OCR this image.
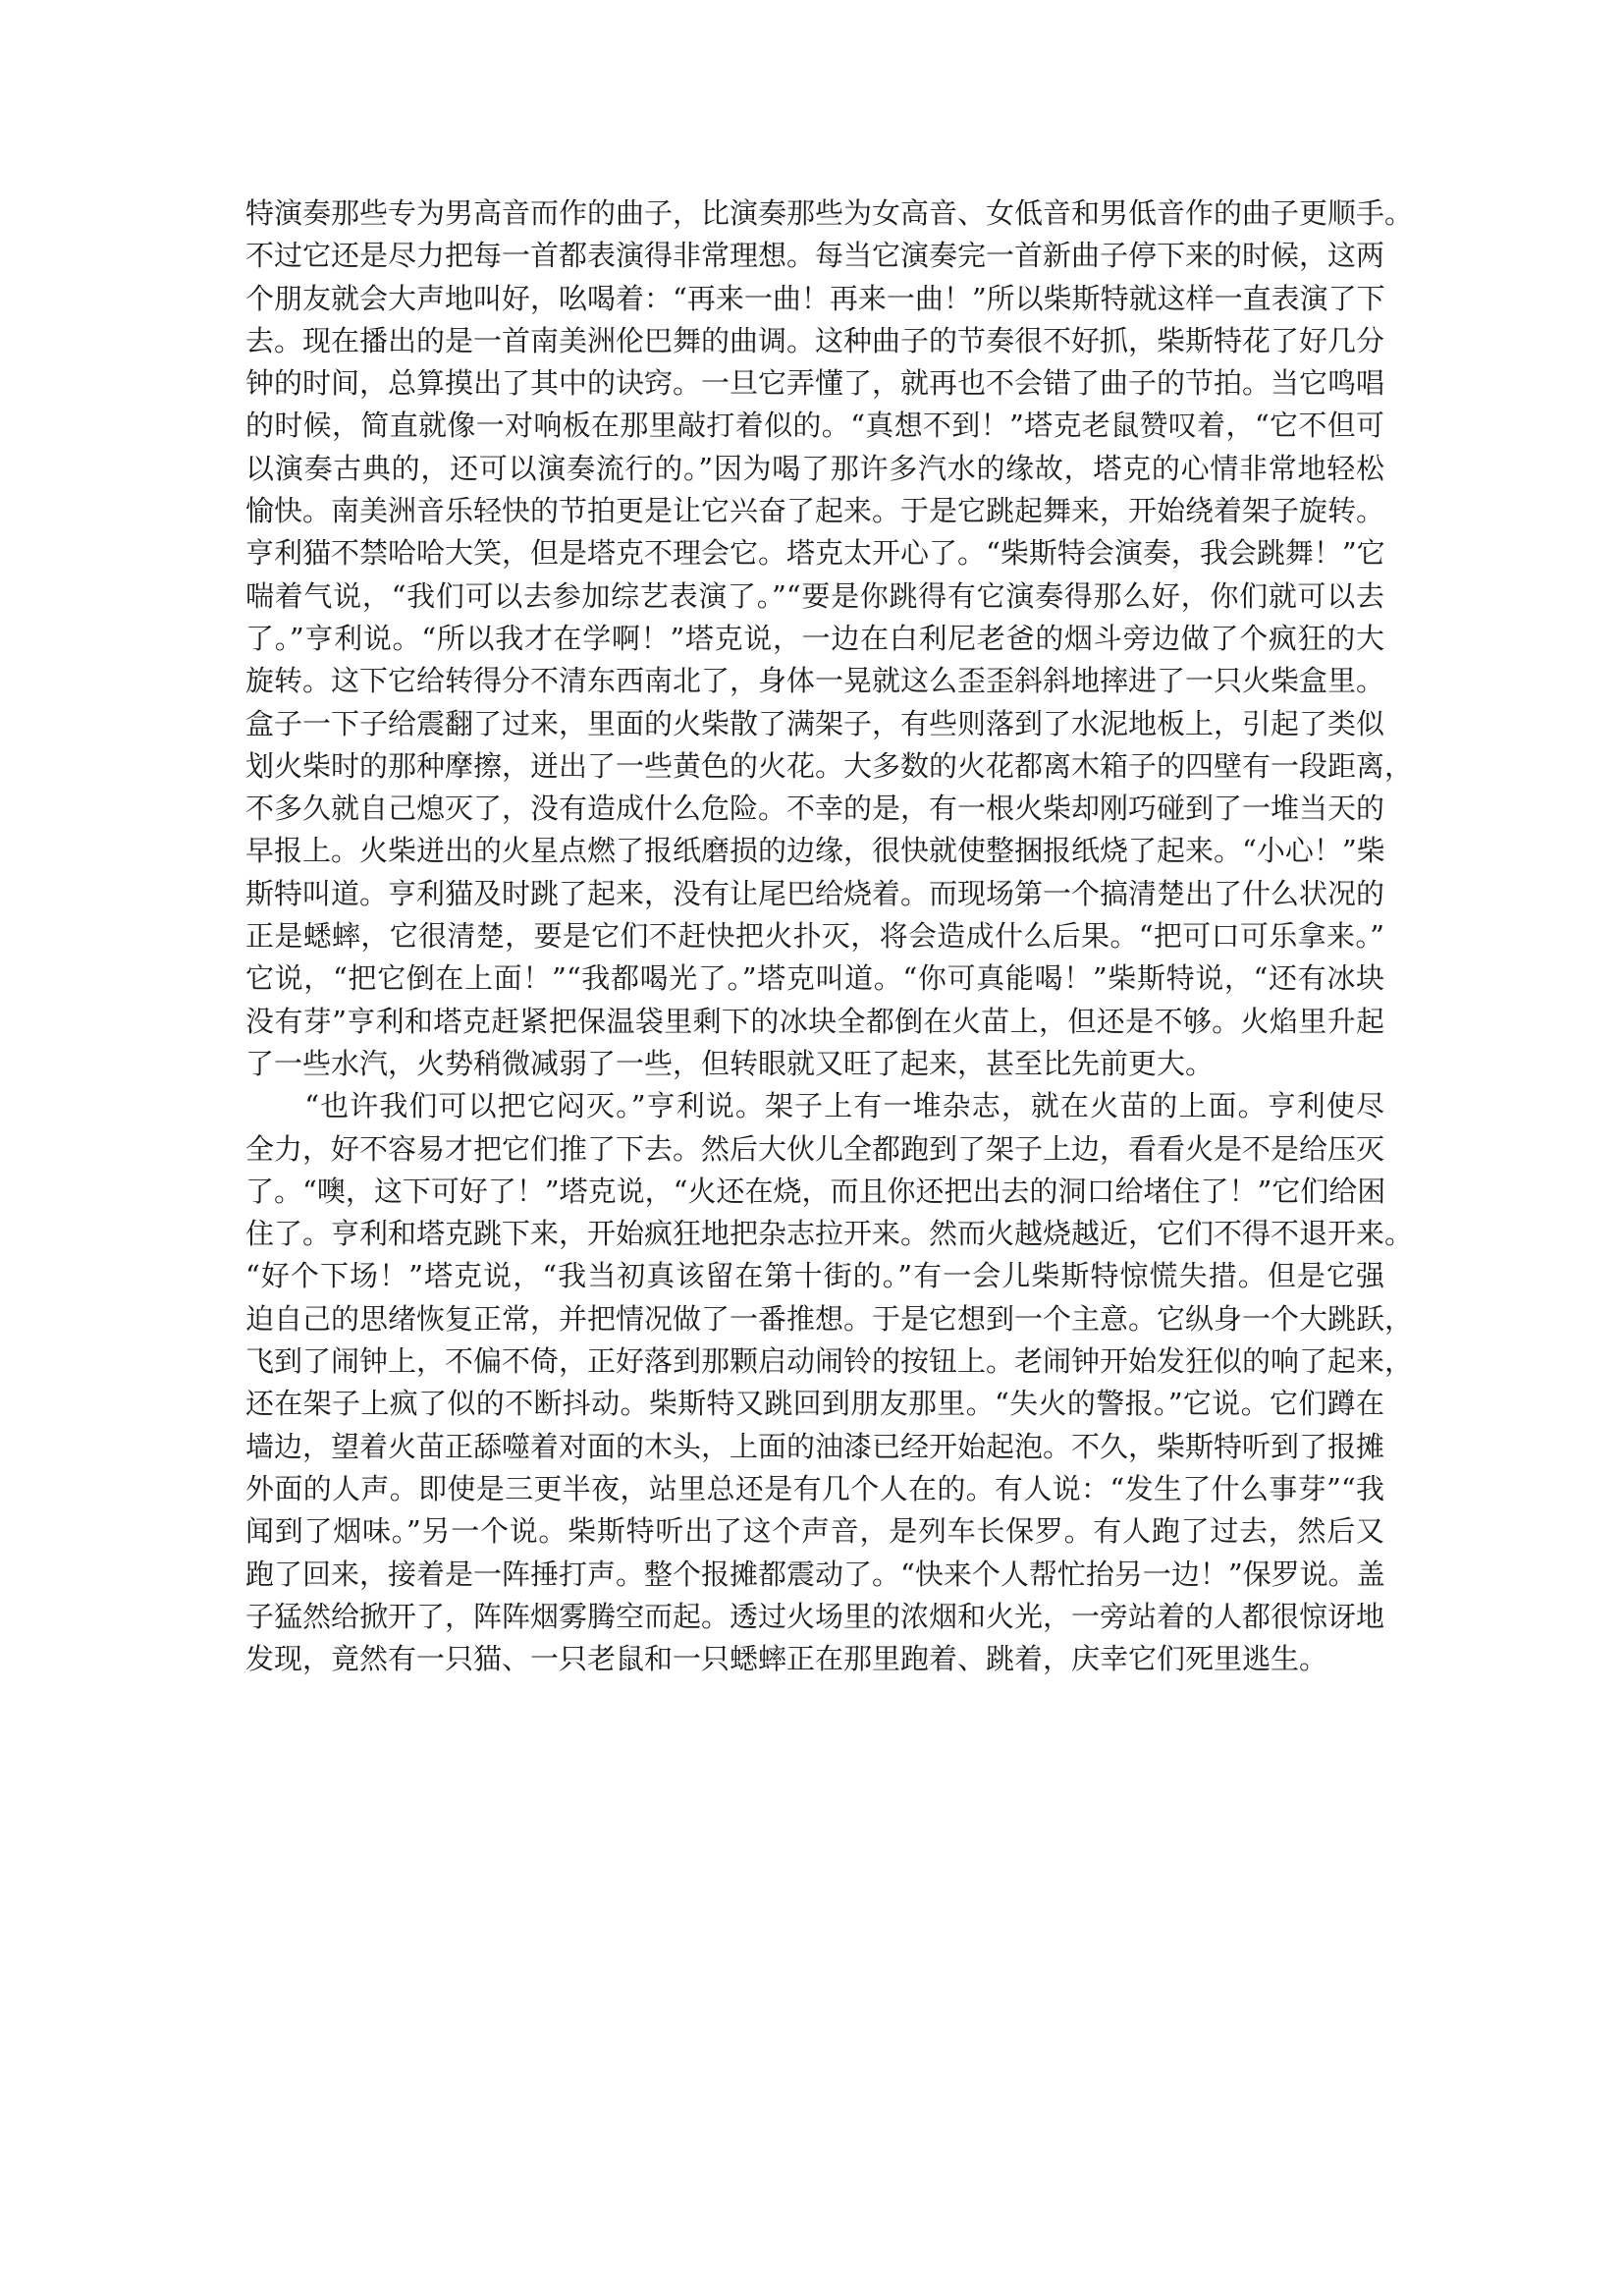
特演奏那些专为男高音而作的曲子，比演奏那些为女高音、女低音和男低音作的曲子更顺手。
不过它还是尽力把每一首都表演得非常理想。每当它演奏完一首新曲子停下来的时候，这两
个朋友就会大声地叫好，吆喝着：“再来一曲！再来一曲！”所以柴斯特就这样一直表演了下
去。现在播出的是一首南美洲伦巴舞的曲调。这种曲子的节奏很不好抓，柴斯特花了好几分
钟的时间，总算摸出了其中的诀窍。一旦它弄懂了，就再也不会错了曲子的节拍。当它鸣唱
的时候，简直就像一对响板在那里敲打着似的。“真想不到！”塔克老鼠赞叹着，“它不但可
以演奏古典的，还可以演奏流行的。”因为喝了那许多汽水的缘故，塔克的心情非常地轻松
愉快。南美洲音乐轻快的节拍更是让它兴奋了起来。于是它跳起舞来，开始绕着架子旋转。
亨利猫不禁哈哈大笑，但是塔克不理会它。塔克太开心了。“柴斯特会演奏，我会跳舞！”它
喘着气说，“我们可以去参加综艺表演了。”“要是你跳得有它演奏得那么好，你们就可以去
了。”亨利说。“所以我才在学啊！”塔克说，一边在白利尼老爸的烟斗旁边做了个疯狂的大
旋转。这下它给转得分不清东西南北了，身体一晃就这么歪歪斜斜地摔进了一只火柴盒里。
盒子一下子给震翻了过来，里面的火柴散了满架子，有些则落到了水泥地板上，引起了类似
划火柴时的那种摩擦，迸出了一些黄色的火花。大多数的火花都离木箱子的四壁有一段距离，
不多久就自己熄灭了，没有造成什么危险。不幸的是，有一根火柴却刚巧碰到了一堆当天的
早报上。火柴迸出的火星点燃了报纸磨损的边缘，很快就使整捆报纸烧了起来。“小心！”柴
斯特叫道。亨利猫及时跳了起来，没有让尾巴给烧着。而现场第一个搞清楚出了什么状况的
正是蟋蟀，它很清楚，要是它们不赶快把火扑灭，将会造成什么后果。“把可口可乐拿来。”
它说，“把它倒在上面！”“我都喝光了。”塔克叫道。“你可真能喝！”柴斯特说，“还有冰块
没有芽”亨利和塔克赶紧把保温袋里剩下的冰块全都倒在火苗上，但还是不够。火焰里升起
了一些水汽，火势稍微减弱了一些，但转眼就又旺了起来，甚至比先前更大。
　　“也许我们可以把它闷灭。”亨利说。架子上有一堆杂志，就在火苗的上面。亨利使尽
全力，好不容易才把它们推了下去。然后大伙儿全都跑到了架子上边，看看火是不是给压灭
了。“噢，这下可好了！”塔克说，“火还在烧，而且你还把出去的洞口给堵住了！”它们给困
住了。亨利和塔克跳下来，开始疯狂地把杂志拉开来。然而火越烧越近，它们不得不退开来。
“好个下场！”塔克说，“我当初真该留在第十街的。”有一会儿柴斯特惊慌失措。但是它强
迫自己的思绪恢复正常，并把情况做了一番推想。于是它想到一个主意。它纵身一个大跳跃，
飞到了闹钟上，不偏不倚，正好落到那颗启动闹铃的按钮上。老闹钟开始发狂似的响了起来，
还在架子上疯了似的不断抖动。柴斯特又跳回到朋友那里。“失火的警报。”它说。它们蹲在
墙边，望着火苗正舔噬着对面的木头，上面的油漆已经开始起泡。不久，柴斯特听到了报摊
外面的人声。即使是三更半夜，站里总还是有几个人在的。有人说：“发生了什么事芽”“我
闻到了烟味。”另一个说。柴斯特听出了这个声音，是列车长保罗。有人跑了过去，然后又
跑了回来，接着是一阵捶打声。整个报摊都震动了。“快来个人帮忙抬另一边！”保罗说。盖
子猛然给掀开了，阵阵烟雾腾空而起。透过火场里的浓烟和火光，一旁站着的人都很惊讶地
发现，竟然有一只猫、一只老鼠和一只蟋蟀正在那里跑着、跳着，庆幸它们死里逃生。
